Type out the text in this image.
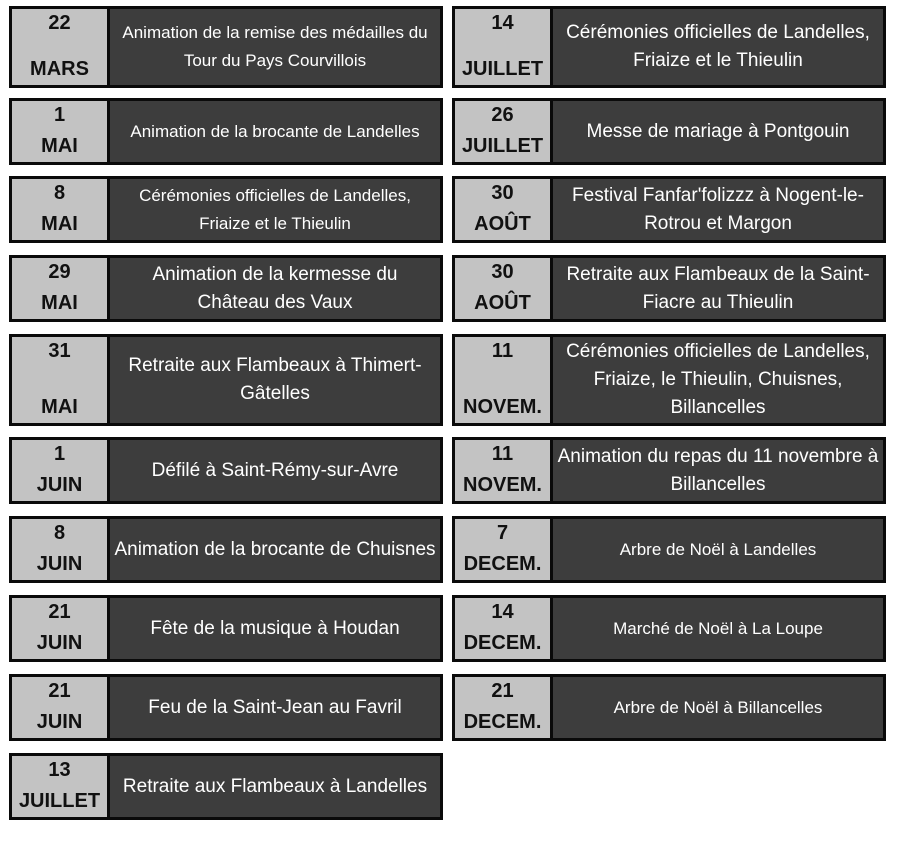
22
MARS
Animation de la remise des médailles du Tour du Pays Courvillois
1
MAI
Animation de la brocante de Landelles
8
MAI
Cérémonies officielles de Landelles, Friaize et le Thieulin
29
MAI
Animation de la kermesse du Château des Vaux
31
MAI
Retraite aux Flambeaux à Thimert-Gâtelles
1
JUIN
Défilé à Saint-Rémy-sur-Avre
8
JUIN
Animation de la brocante de Chuisnes
21
JUIN
Fête de la musique à Houdan
21
JUIN
Feu de la Saint-Jean au Favril
13
JUILLET
Retraite aux Flambeaux à Landelles
14
JUILLET
Cérémonies officielles de Landelles, Friaize et le Thieulin
26
JUILLET
Messe de mariage à Pontgouin
30
AOÛT
Festival Fanfar'folizzz à Nogent-le-Rotrou et Margon
30
AOÛT
Retraite aux Flambeaux de la Saint-Fiacre au Thieulin
11
NOVEM.
Cérémonies officielles de Landelles, Friaize, le Thieulin, Chuisnes, Billancelles
11
NOVEM.
Animation du repas du 11 novembre à Billancelles
7
DECEM.
Arbre de Noël à Landelles
14
DECEM.
Marché de Noël à La Loupe
21
DECEM.
Arbre de Noël à Billancelles
